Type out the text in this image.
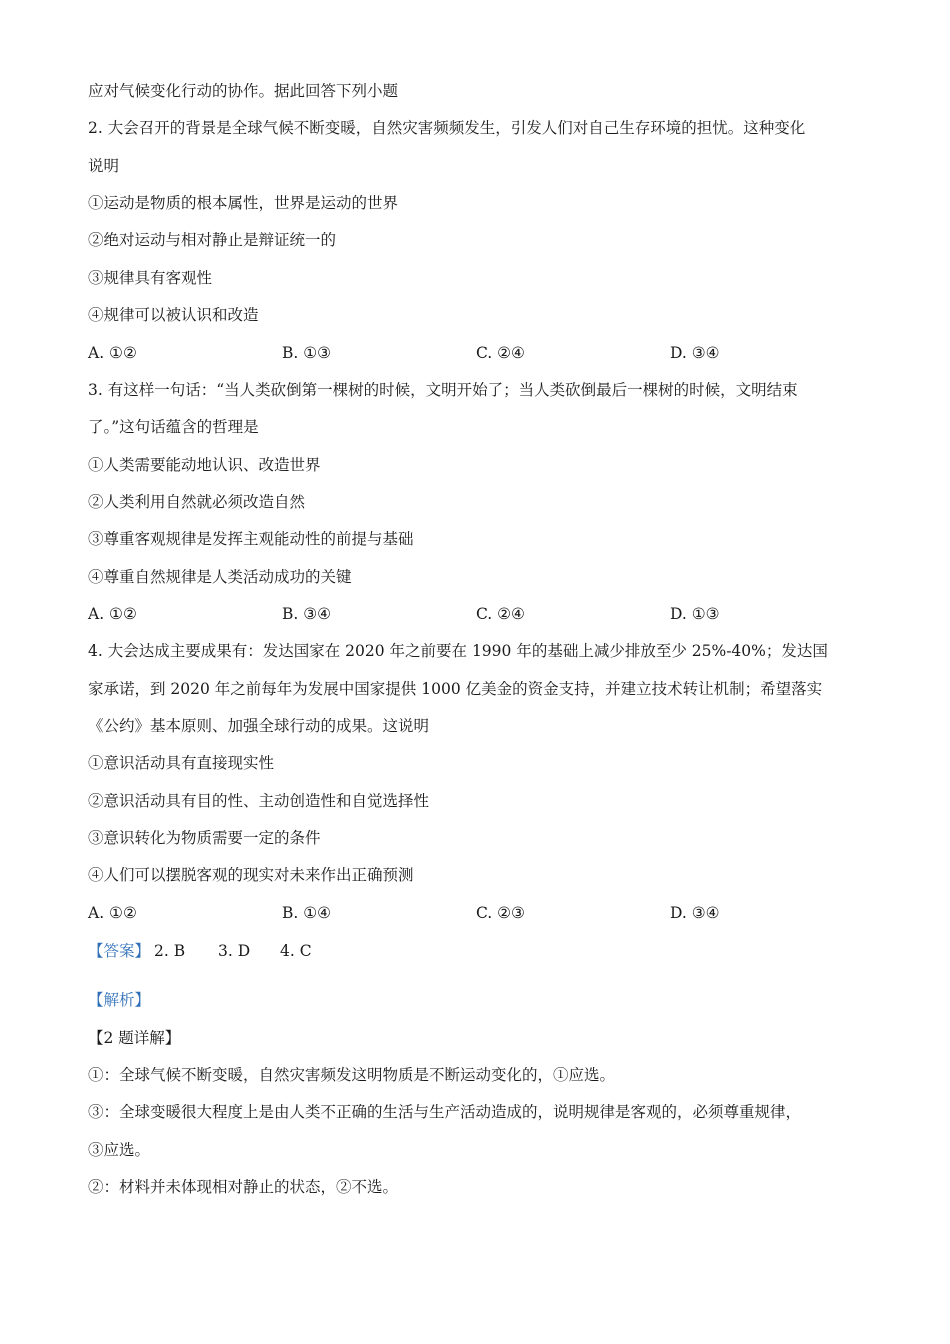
应对气候变化行动的协作。据此回答下列小题
2. 大会召开的背景是全球气候不断变暖，自然灾害频频发生，引发人们对自己生存环境的担忧。这种变化
说明
①运动是物质的根本属性，世界是运动的世界
②绝对运动与相对静止是辩证统一的
③规律具有客观性
④规律可以被认识和改造
A. ①②	B. ①③	C. ②④	D. ③④
3. 有这样一句话：“当人类砍倒第一棵树的时候，文明开始了；当人类砍倒最后一棵树的时候，文明结束
了。”这句话蕴含的哲理是
①人类需要能动地认识、改造世界
②人类利用自然就必须改造自然
③尊重客观规律是发挥主观能动性的前提与基础
④尊重自然规律是人类活动成功的关键
A. ①②	B. ③④	C. ②④	D. ①③
4. 大会达成主要成果有：发达国家在 2020 年之前要在 1990 年的基础上减少排放至少 25%-40%；发达国
家承诺，到 2020 年之前每年为发展中国家提供 1000 亿美金的资金支持，并建立技术转让机制；希望落实
《公约》基本原则、加强全球行动的成果。这说明
①意识活动具有直接现实性
②意识活动具有目的性、主动创造性和自觉选择性
③意识转化为物质需要一定的条件
④人们可以摆脱客观的现实对未来作出正确预测
A. ①②	B. ①④	C. ②③	D. ③④
【答案】 2. B 3. D 4. C
【解析】
【2 题详解】
①：全球气候不断变暖，自然灾害频发这明物质是不断运动变化的，①应选。
③：全球变暖很大程度上是由人类不正确的生活与生产活动造成的，说明规律是客观的，必须尊重规律，
③应选。
②：材料并未体现相对静止的状态，②不选。
